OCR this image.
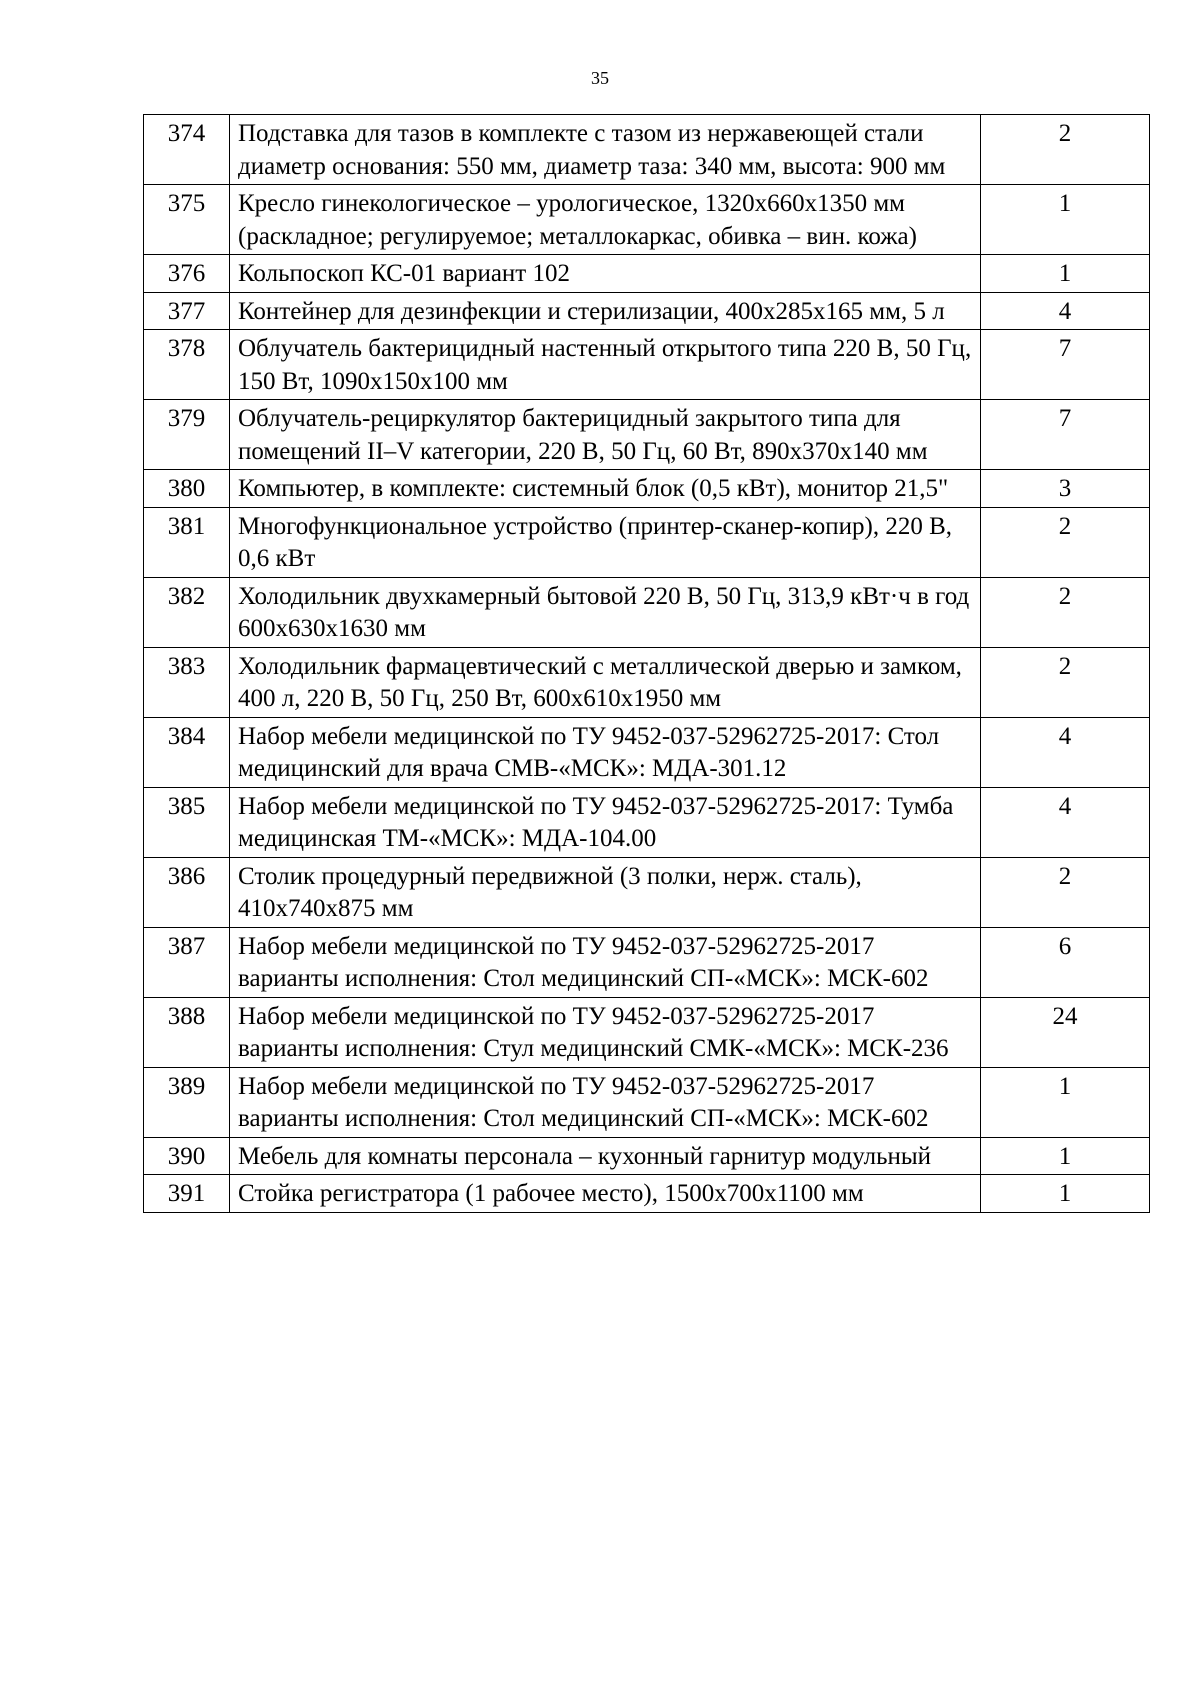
35
374	Подставка для тазов в комплекте с тазом из нержавеющей стали диаметр основания: 550 мм, диаметр таза: 340 мм, высота: 900 мм	2
375	Кресло гинекологическое – урологическое, 1320х660х1350 мм (раскладное; регулируемое; металлокаркас, обивка – вин. кожа)	1
376	Кольпоскоп КС-01 вариант 102	1
377	Контейнер для дезинфекции и стерилизации, 400х285х165 мм, 5 л	4
378	Облучатель бактерицидный настенный открытого типа 220 В, 50 Гц, 150 Вт, 1090х150х100 мм	7
379	Облучатель-рециркулятор бактерицидный закрытого типа для помещений II–V категории, 220 В, 50 Гц, 60 Вт, 890х370х140 мм	7
380	Компьютер, в комплекте: системный блок (0,5 кВт), монитор 21,5"	3
381	Многофункциональное устройство (принтер-сканер-копир), 220 В, 0,6 кВт	2
382	Холодильник двухкамерный бытовой 220 В, 50 Гц, 313,9 кВт·ч в год 600х630х1630 мм	2
383	Холодильник фармацевтический с металлической дверью и замком, 400 л, 220 В, 50 Гц, 250 Вт, 600х610х1950 мм	2
384	Набор мебели медицинской по ТУ 9452-037-52962725-2017: Стол медицинский для врача СМВ-«МСК»: МДА-301.12	4
385	Набор мебели медицинской по ТУ 9452-037-52962725-2017: Тумба медицинская ТМ-«МСК»: МДА-104.00	4
386	Столик процедурный передвижной (3 полки, нерж. сталь), 410х740х875 мм	2
387	Набор мебели медицинской по ТУ 9452-037-52962725-2017 варианты исполнения: Стол медицинский СП-«МСК»: МСК-602	6
388	Набор мебели медицинской по ТУ 9452-037-52962725-2017 варианты исполнения: Стул медицинский СМК-«МСК»: МСК-236	24
389	Набор мебели медицинской по ТУ 9452-037-52962725-2017 варианты исполнения: Стол медицинский СП-«МСК»: МСК-602	1
390	Мебель для комнаты персонала – кухонный гарнитур модульный	1
391	Стойка регистратора (1 рабочее место), 1500х700х1100 мм	1
